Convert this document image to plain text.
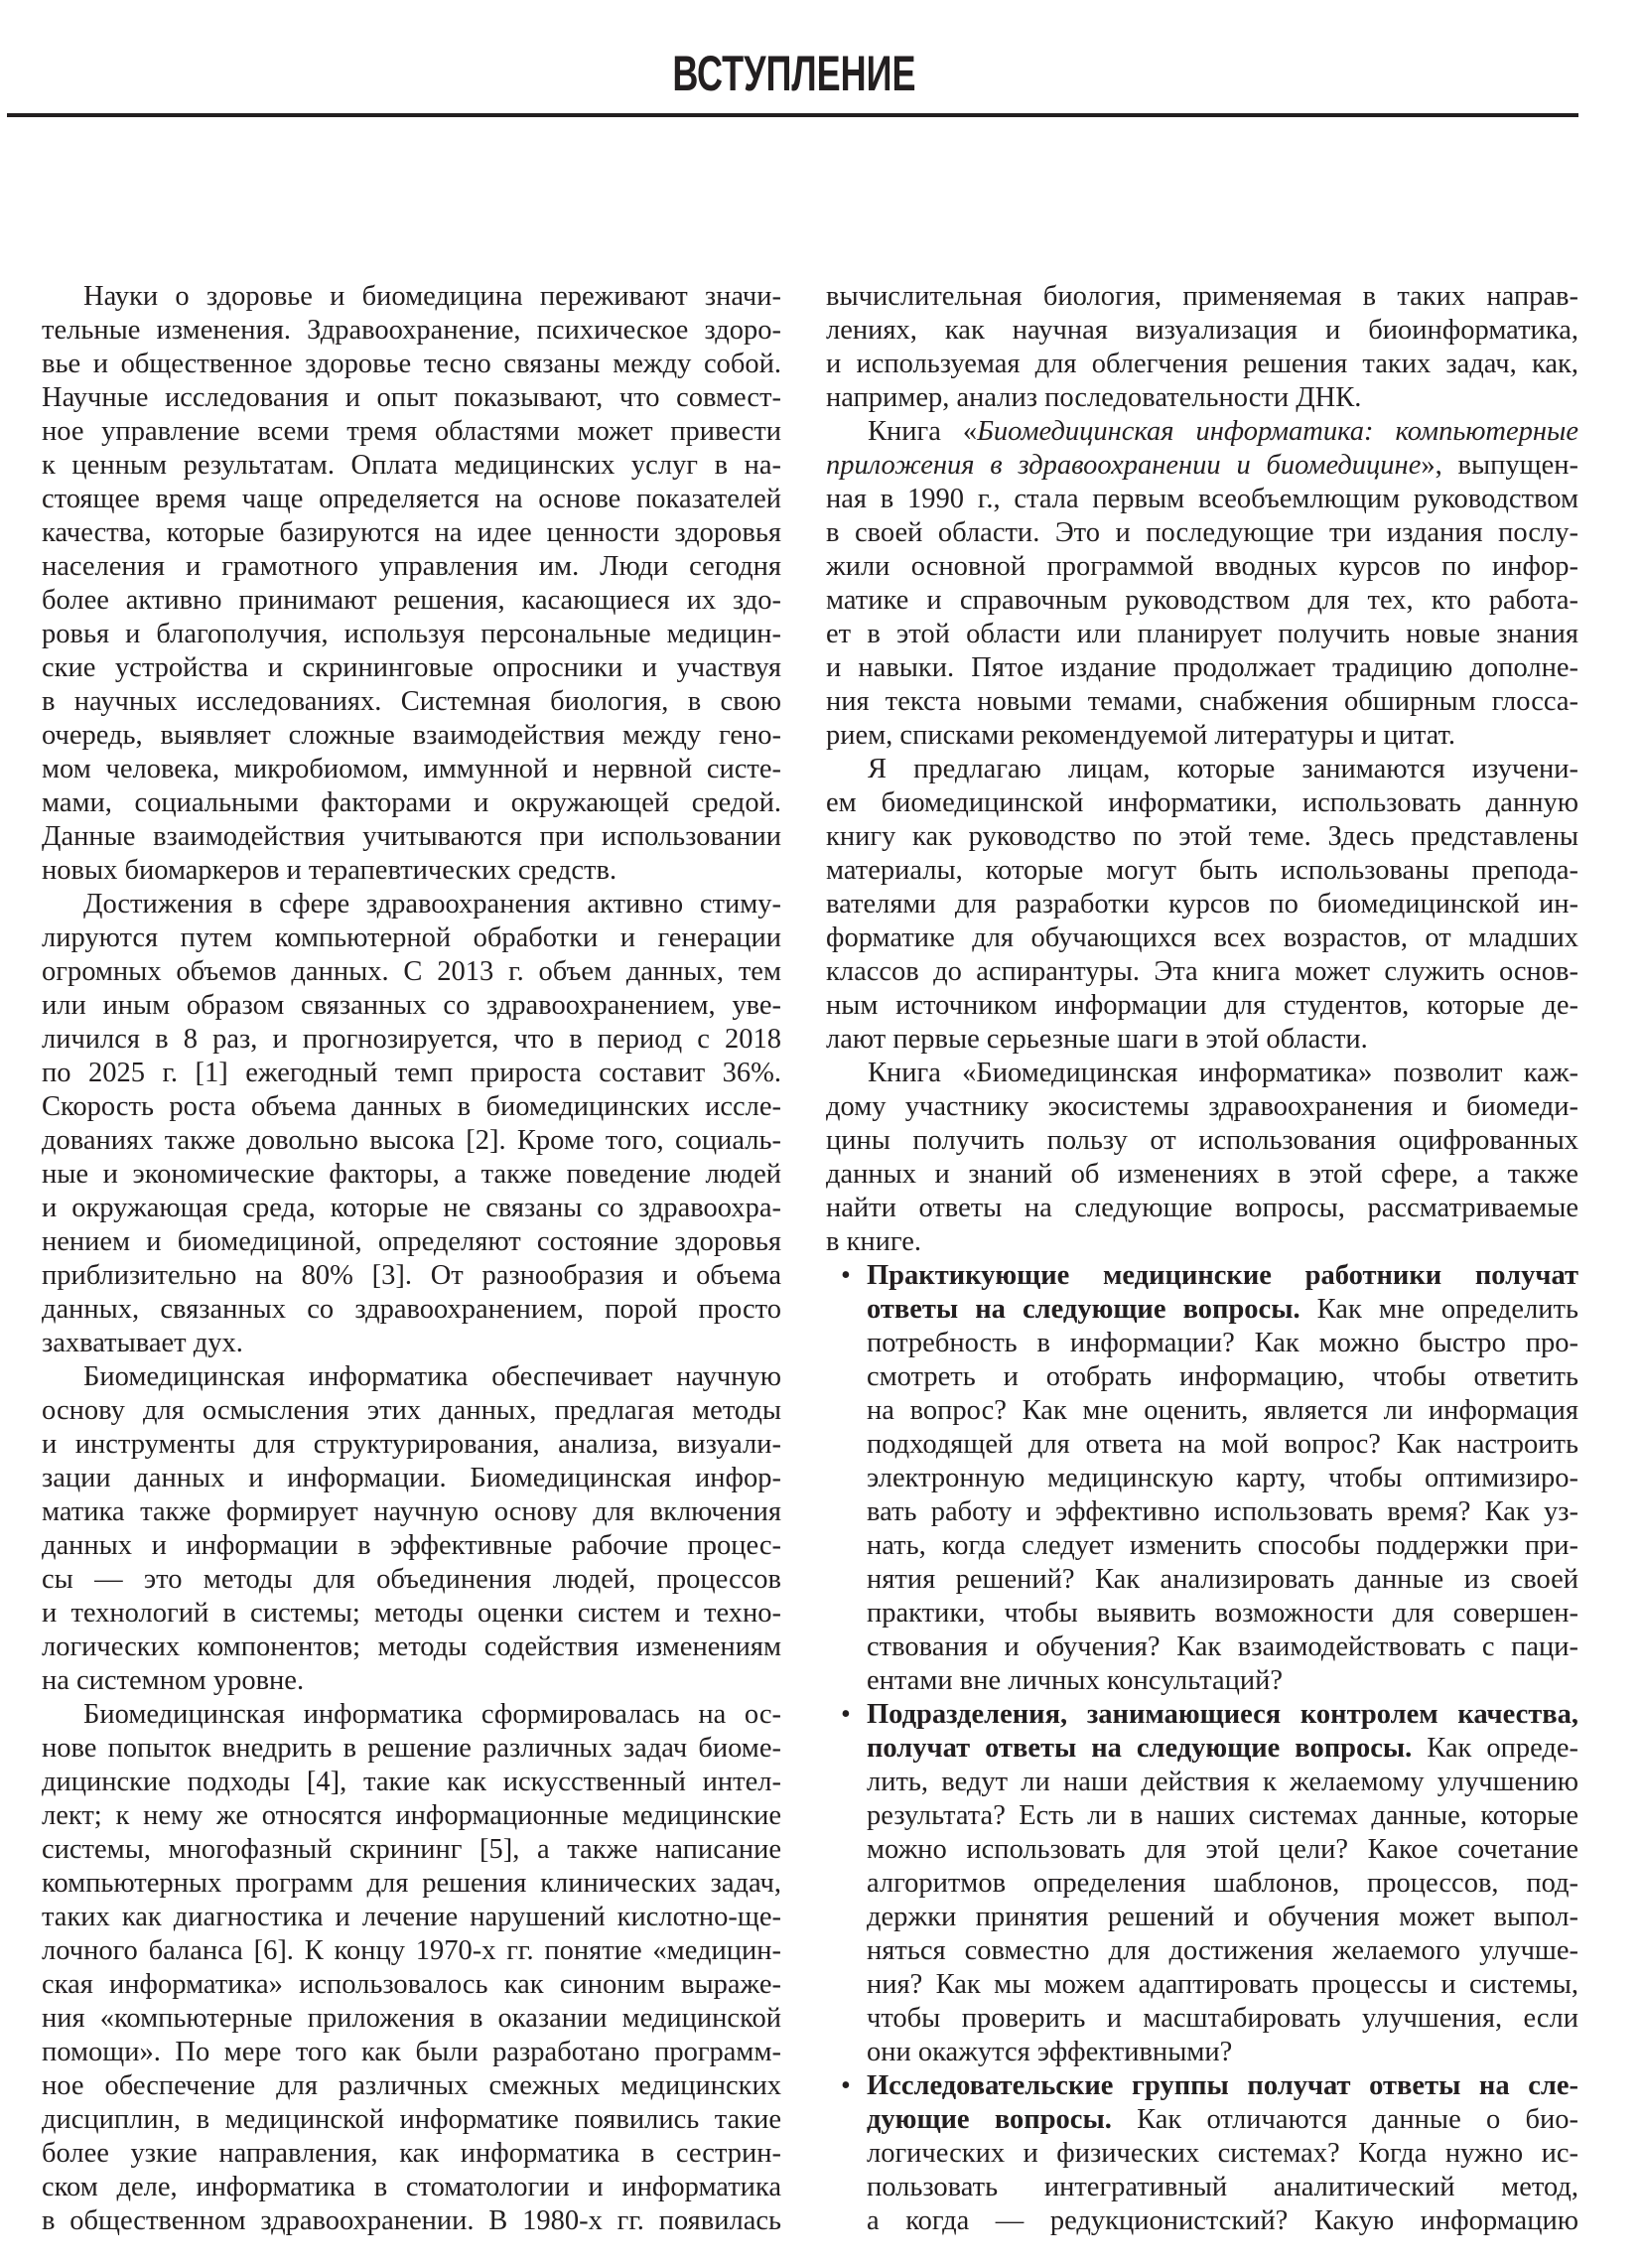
ВСТУПЛЕНИЕ
Науки о здоровье и биомедицина переживают значи-
тельные изменения. Здравоохранение, психическое здоро-
вье и общественное здоровье тесно связаны между собой.
Научные исследования и опыт показывают, что совмест-
ное управление всеми тремя областями может привести
к ценным результатам. Оплата медицинских услуг в на-
стоящее время чаще определяется на основе показателей
качества, которые базируются на идее ценности здоровья
населения и грамотного управления им. Люди сегодня
более активно принимают решения, касающиеся их здо-
ровья и благополучия, используя персональные медицин-
ские устройства и скрининговые опросники и участвуя
в научных исследованиях. Системная биология, в свою
очередь, выявляет сложные взаимодействия между гено-
мом человека, микробиомом, иммунной и нервной систе-
мами, социальными факторами и окружающей средой.
Данные взаимодействия учитываются при использовании
новых биомаркеров и терапевтических средств.
Достижения в сфере здравоохранения активно стиму-
лируются путем компьютерной обработки и генерации
огромных объемов данных. С 2013 г. объем данных, тем
или иным образом связанных со здравоохранением, уве-
личился в 8 раз, и прогнозируется, что в период с 2018
по 2025 г. [1] ежегодный темп прироста составит 36%.
Скорость роста объема данных в биомедицинских иссле-
дованиях также довольно высока [2]. Кроме того, социаль-
ные и экономические факторы, а также поведение людей
и окружающая среда, которые не связаны со здравоохра-
нением и биомедициной, определяют состояние здоровья
приблизительно на 80% [3]. От разнообразия и объема
данных, связанных со здравоохранением, порой просто
захватывает дух.
Биомедицинская информатика обеспечивает научную
основу для осмысления этих данных, предлагая методы
и инструменты для структурирования, анализа, визуали-
зации данных и информации. Биомедицинская инфор-
матика также формирует научную основу для включения
данных и информации в эффективные рабочие процес-
сы — это методы для объединения людей, процессов
и технологий в системы; методы оценки систем и техно-
логических компонентов; методы содействия изменениям
на системном уровне.
Биомедицинская информатика сформировалась на ос-
нове попыток внедрить в решение различных задач биоме-
дицинские подходы [4], такие как искусственный интел-
лект; к нему же относятся информационные медицинские
системы, многофазный скрининг [5], а также написание
компьютерных программ для решения клинических задач,
таких как диагностика и лечение нарушений кислотно-ще-
лочного баланса [6]. К концу 1970-х гг. понятие «медицин-
ская информатика» использовалось как синоним выраже-
ния «компьютерные приложения в оказании медицинской
помощи». По мере того как были разработано программ-
ное обеспечение для различных смежных медицинских
дисциплин, в медицинской информатике появились такие
более узкие направления, как информатика в сестрин-
ском деле, информатика в стоматологии и информатика
в общественном здравоохранении. В 1980-х гг. появилась
вычислительная биология, применяемая в таких направ-
лениях, как научная визуализация и биоинформатика,
и используемая для облегчения решения таких задач, как,
например, анализ последовательности ДНК.
Книга «Биомедицинская информатика: компьютерные
приложения в здравоохранении и биомедицине», выпущен-
ная в 1990 г., стала первым всеобъемлющим руководством
в своей области. Это и последующие три издания послу-
жили основной программой вводных курсов по инфор-
матике и справочным руководством для тех, кто работа-
ет в этой области или планирует получить новые знания
и навыки. Пятое издание продолжает традицию дополне-
ния текста новыми темами, снабжения обширным глосса-
рием, списками рекомендуемой литературы и цитат.
Я предлагаю лицам, которые занимаются изучени-
ем биомедицинской информатики, использовать данную
книгу как руководство по этой теме. Здесь представлены
материалы, которые могут быть использованы препода-
вателями для разработки курсов по биомедицинской ин-
форматике для обучающихся всех возрастов, от младших
классов до аспирантуры. Эта книга может служить основ-
ным источником информации для студентов, которые де-
лают первые серьезные шаги в этой области.
Книга «Биомедицинская информатика» позволит каж-
дому участнику экосистемы здравоохранения и биомеди-
цины получить пользу от использования оцифрованных
данных и знаний об изменениях в этой сфере, а также
найти ответы на следующие вопросы, рассматриваемые
в книге.
• Практикующие медицинские работники получат
ответы на следующие вопросы. Как мне определить
потребность в информации? Как можно быстро про-
смотреть и отобрать информацию, чтобы ответить
на вопрос? Как мне оценить, является ли информация
подходящей для ответа на мой вопрос? Как настроить
электронную медицинскую карту, чтобы оптимизиро-
вать работу и эффективно использовать время? Как уз-
нать, когда следует изменить способы поддержки при-
нятия решений? Как анализировать данные из своей
практики, чтобы выявить возможности для совершен-
ствования и обучения? Как взаимодействовать с паци-
ентами вне личных консультаций?
• Подразделения, занимающиеся контролем качества,
получат ответы на следующие вопросы. Как опреде-
лить, ведут ли наши действия к желаемому улучшению
результата? Есть ли в наших системах данные, которые
можно использовать для этой цели? Какое сочетание
алгоритмов определения шаблонов, процессов, под-
держки принятия решений и обучения может выпол-
няться совместно для достижения желаемого улучше-
ния? Как мы можем адаптировать процессы и системы,
чтобы проверить и масштабировать улучшения, если
они окажутся эффективными?
• Исследовательские группы получат ответы на сле-
дующие вопросы. Как отличаются данные о био-
логических и физических системах? Когда нужно ис-
пользовать интегративный аналитический метод,
а когда — редукционистский? Какую информацию
